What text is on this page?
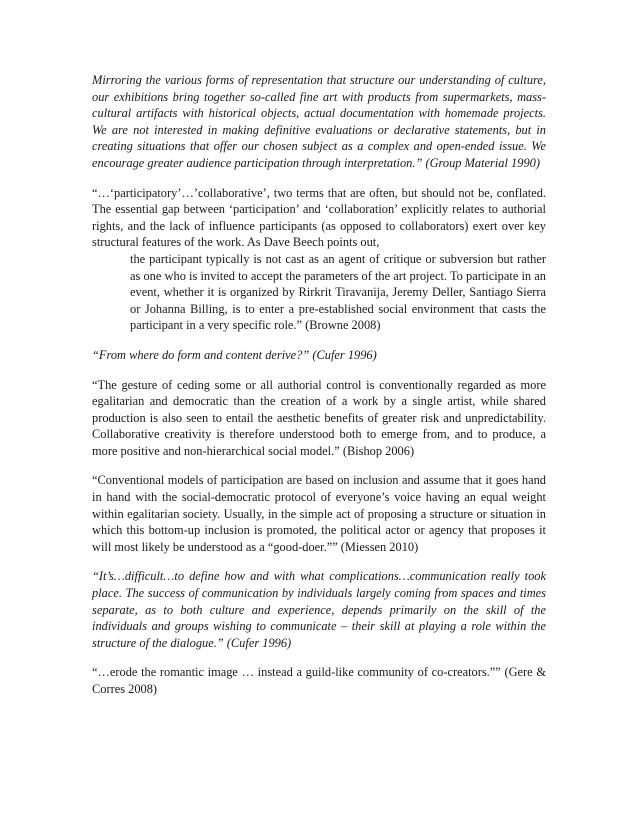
Mirroring the various forms of representation that structure our understanding of culture, our exhibitions bring together so-called fine art with products from supermarkets, mass-cultural artifacts with historical objects, actual documentation with homemade projects. We are not interested in making definitive evaluations or declarative statements, but in creating situations that offer our chosen subject as a complex and open-ended issue. We encourage greater audience participation through interpretation.” (Group Material 1990)

“…‘participatory’…’collaborative’, two terms that are often, but should not be, conflated. The essential gap between ‘participation’ and ‘collaboration’ explicitly relates to authorial rights, and the lack of influence participants (as opposed to collaborators) exert over key structural features of the work. As Dave Beech points out,

the participant typically is not cast as an agent of critique or subversion but rather as one who is invited to accept the parameters of the art project. To participate in an event, whether it is organized by Rirkrit Tiravanija, Jeremy Deller, Santiago Sierra or Johanna Billing, is to enter a pre-established social environment that casts the participant in a very specific role.” (Browne 2008)

“From where do form and content derive?” (Cufer 1996)

“The gesture of ceding some or all authorial control is conventionally regarded as more egalitarian and democratic than the creation of a work by a single artist, while shared production is also seen to entail the aesthetic benefits of greater risk and unpredictability. Collaborative creativity is therefore understood both to emerge from, and to produce, a more positive and non-hierarchical social model.” (Bishop 2006)

“Conventional models of participation are based on inclusion and assume that it goes hand in hand with the social-democratic protocol of everyone’s voice having an equal weight within egalitarian society. Usually, in the simple act of proposing a structure or situation in which this bottom-up inclusion is promoted, the political actor or agency that proposes it will most likely be understood as a “good-doer.”” (Miessen 2010)

“It’s…difficult…to define how and with what complications…communication really took place. The success of communication by individuals largely coming from spaces and times separate, as to both culture and experience, depends primarily on the skill of the individuals and groups wishing to communicate – their skill at playing a role within the structure of the dialogue.” (Cufer 1996)

“…erode the romantic image … instead a guild-like community of co-creators.”” (Gere & Corres 2008)
